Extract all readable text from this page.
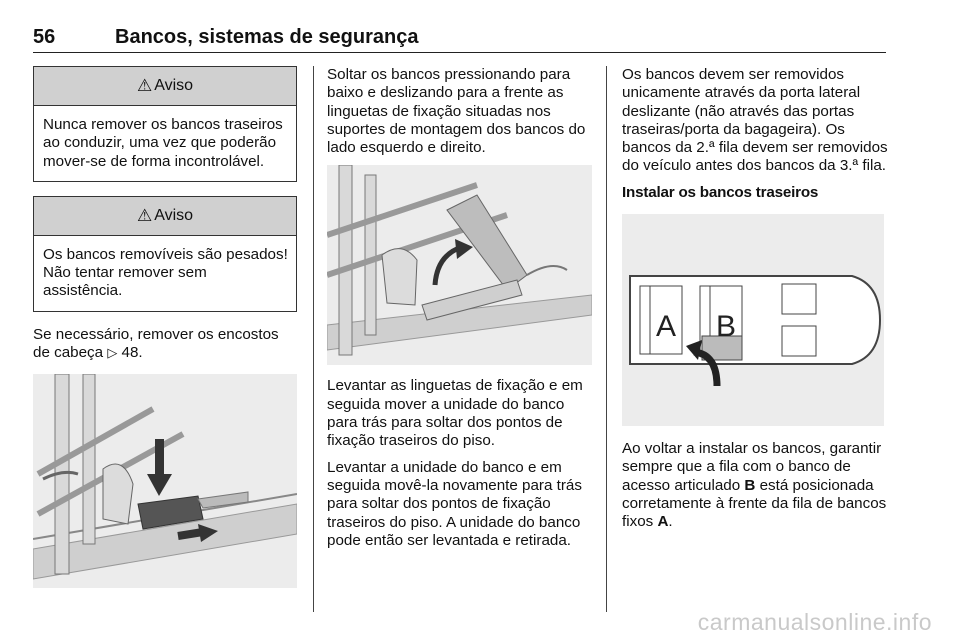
56	Bancos, sistemas de segurança
⚠ Aviso
Nunca remover os bancos traseiros ao conduzir, uma vez que poderão mover-se de forma incontrolável.
⚠ Aviso
Os bancos removíveis são pesados! Não tentar remover sem assistência.

Se necessário, remover os encostos de cabeça ▷ 48.

Soltar os bancos pressionando para baixo e deslizando para a frente as linguetas de fixação situadas nos suportes de montagem dos bancos do lado esquerdo e direito.

Levantar as linguetas de fixação e em seguida mover a unidade do banco para trás para soltar dos pontos de fixação traseiros do piso.

Levantar a unidade do banco e em seguida movê-la novamente para trás para soltar dos pontos de fixação traseiros do piso. A unidade do banco pode então ser levantada e retirada.

Os bancos devem ser removidos unicamente através da porta lateral deslizante (não através das portas traseiras/porta da bagageira). Os bancos da 2.ª fila devem ser removidos do veículo antes dos bancos da 3.ª fila.

Instalar os bancos traseiros
A B

Ao voltar a instalar os bancos, garantir sempre que a fila com o banco de acesso articulado B está posicionada corretamente à frente da fila de bancos fixos A.

carmanualsonline.info
